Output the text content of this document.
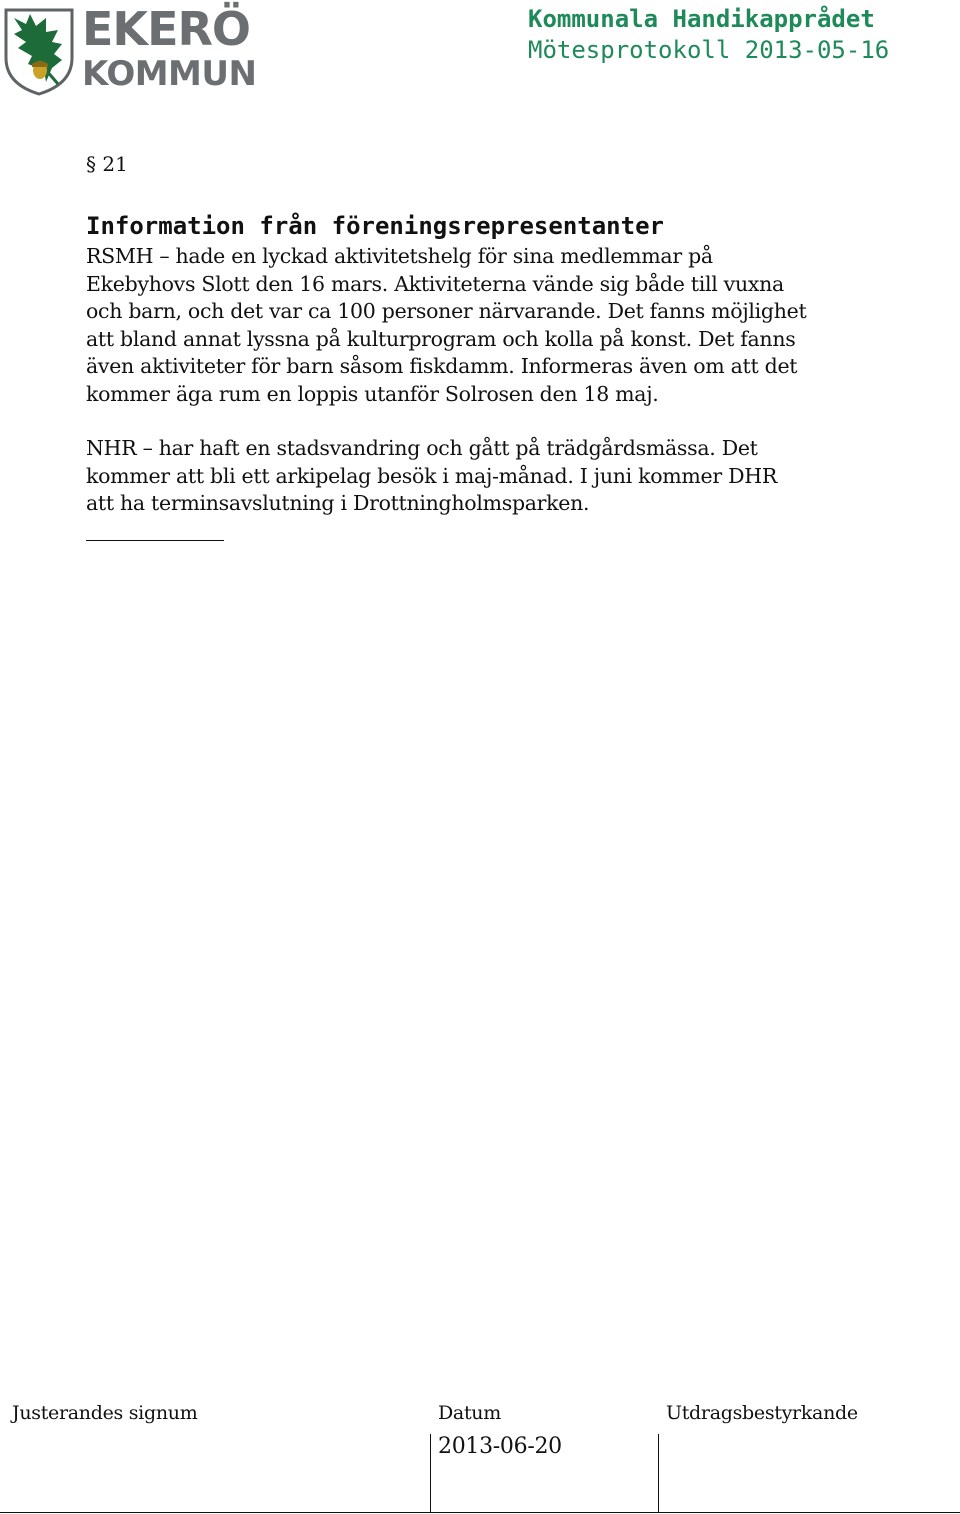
EKERÖ
KOMMUN
Kommunala Handikapprådet
Mötesprotokoll 2013-05-16
§ 21
Information från föreningsrepresentanter
RSMH – hade en lyckad aktivitetshelg för sina medlemmar på
Ekebyhovs Slott den 16 mars. Aktiviteterna vände sig både till vuxna
och barn, och det var ca 100 personer närvarande. Det fanns möjlighet
att bland annat lyssna på kulturprogram och kolla på konst. Det fanns
även aktiviteter för barn såsom fiskdamm. Informeras även om att det
kommer äga rum en loppis utanför Solrosen den 18 maj.
NHR – har haft en stadsvandring och gått på trädgårdsmässa. Det
kommer att bli ett arkipelag besök i maj-månad. I juni kommer DHR
att ha terminsavslutning i Drottningholmsparken.
Justerandes signum	Datum	Utdragsbestyrkande
2013-06-20
